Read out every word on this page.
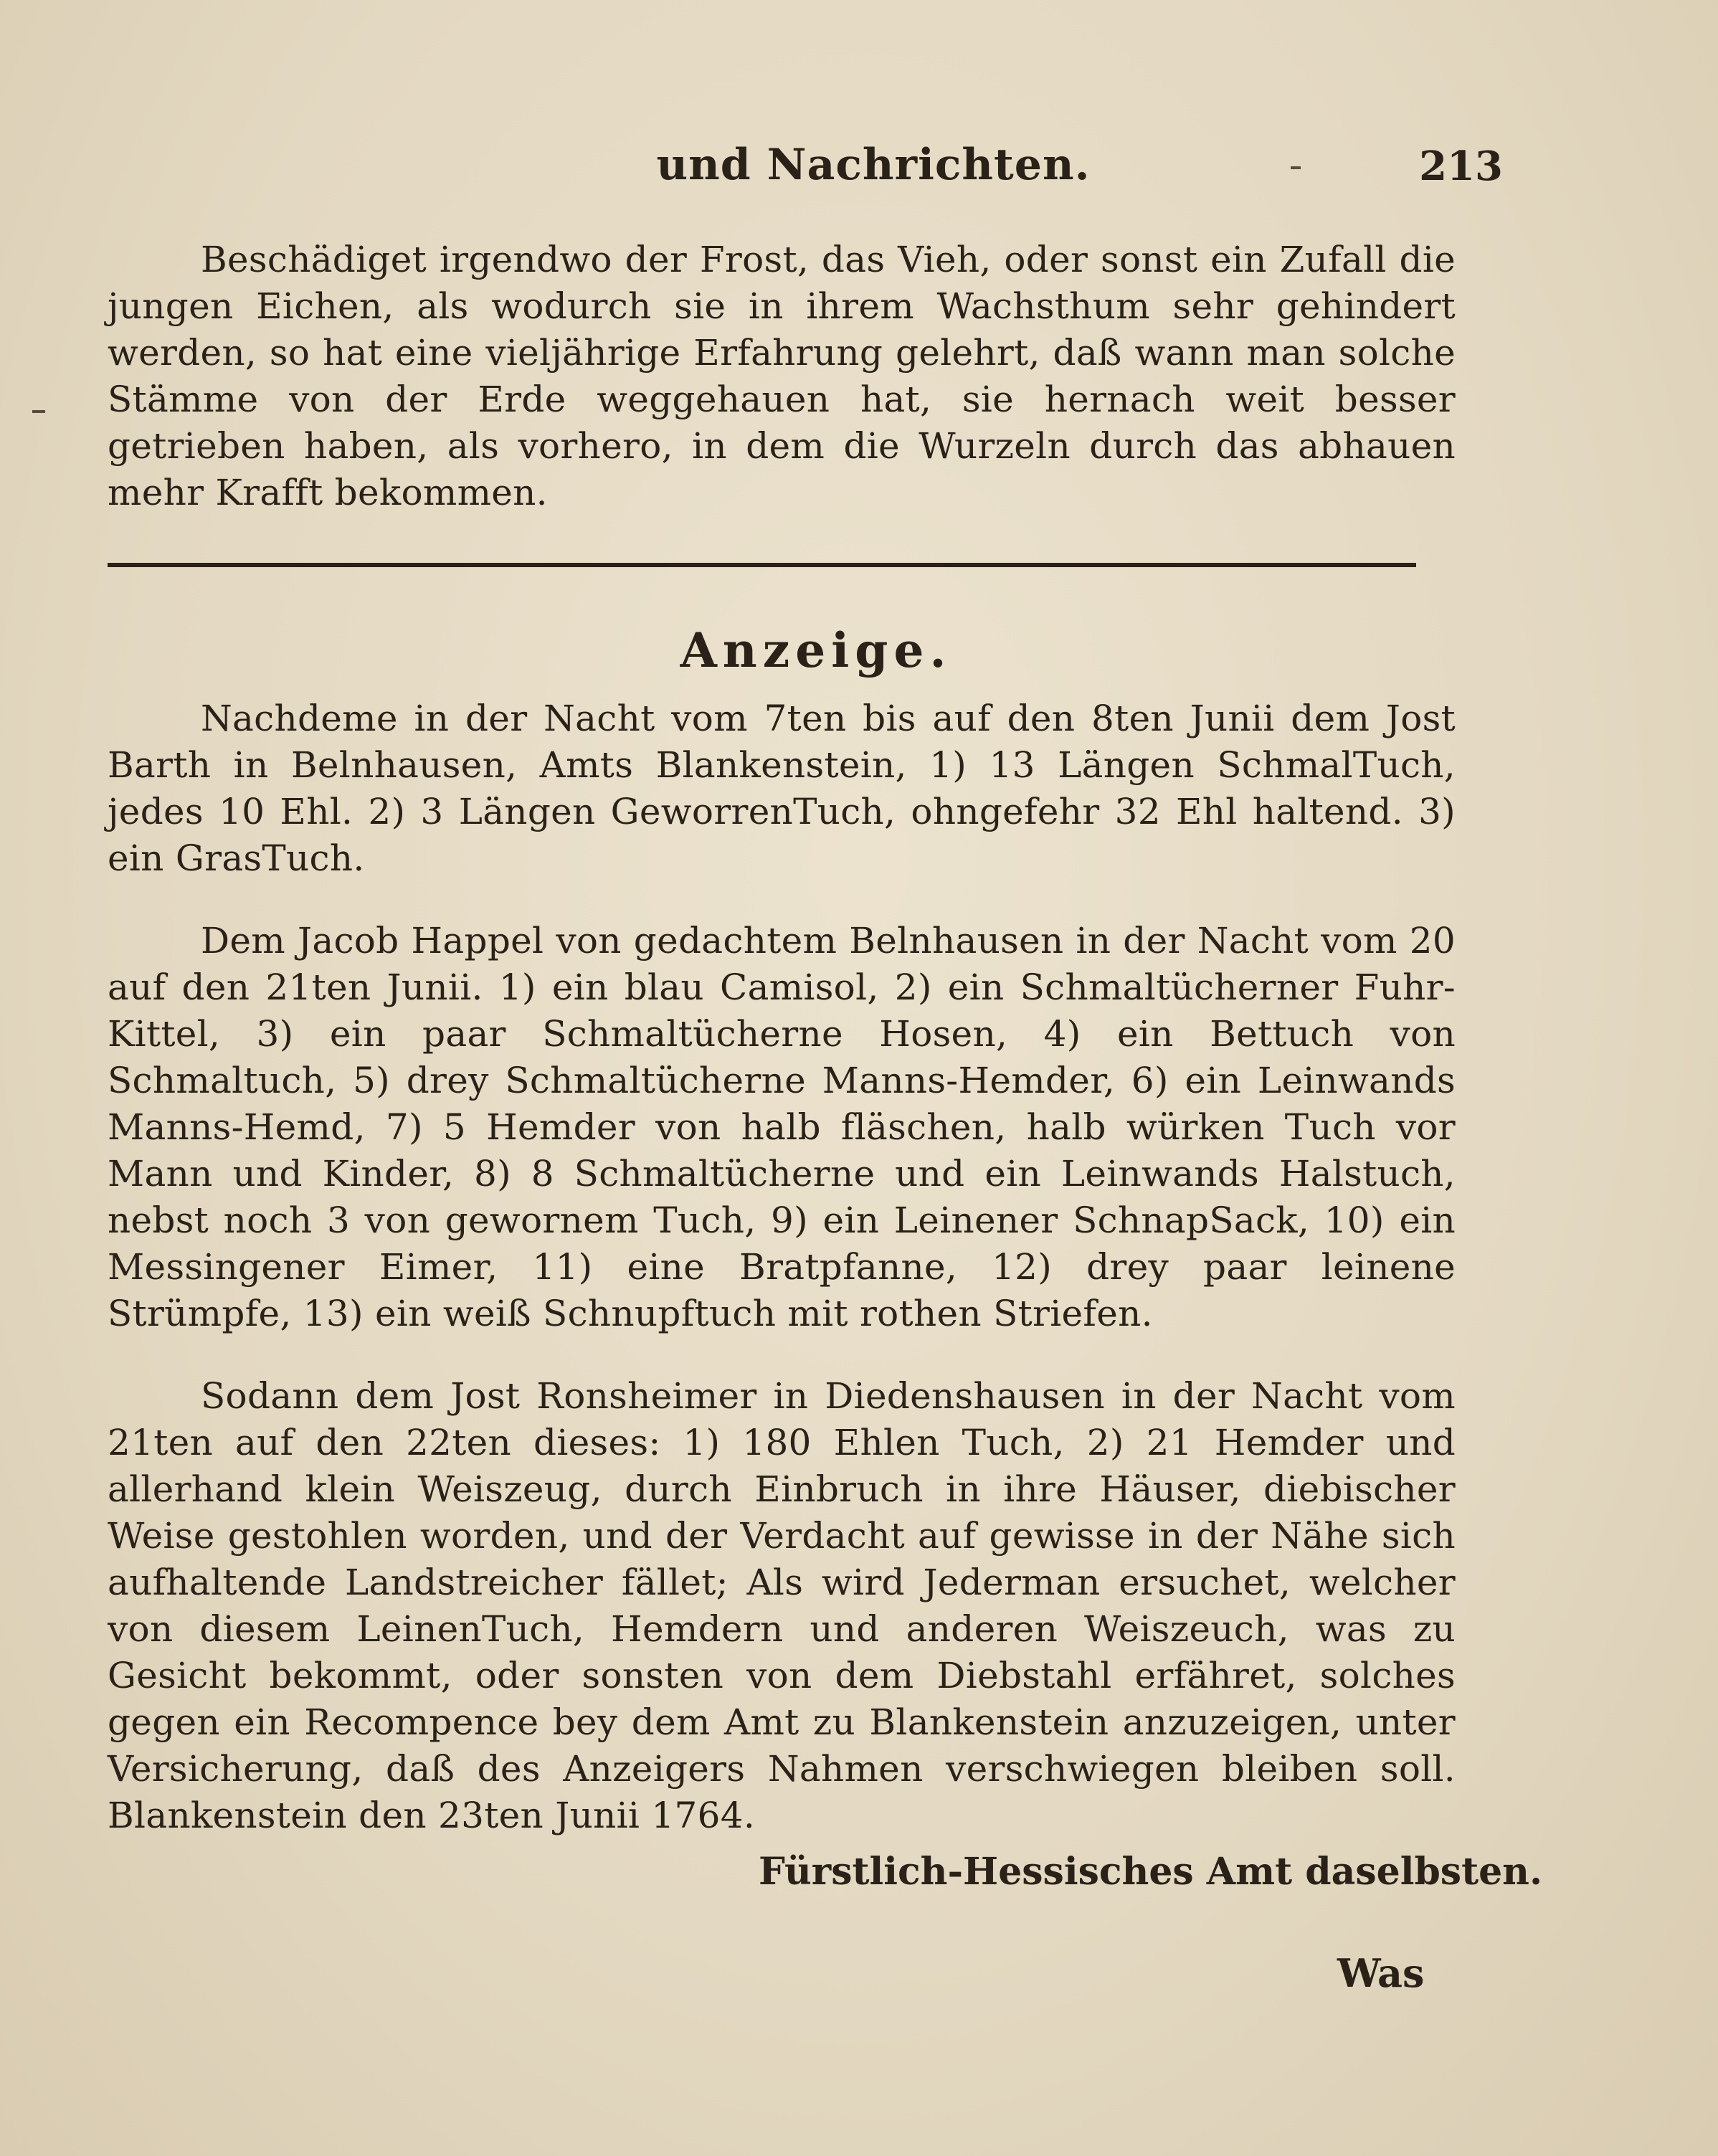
und Nachrichten.	213

Beschädiget irgendwo der Frost, das Vieh, oder sonst ein Zufall die jungen Eichen, als wodurch sie in ihrem Wachsthum sehr gehindert werden, so hat eine vieljährige Erfahrung gelehrt, daß wann man solche Stämme von der Erde weggehauen hat, sie hernach weit besser getrieben haben, als vorhero, in dem die Wurzeln durch das abhauen mehr Krafft bekommen.

Anzeige.

Nachdeme in der Nacht vom 7ten bis auf den 8ten Junii dem Jost Barth in Belnhausen, Amts Blankenstein, 1) 13 Längen SchmalTuch, jedes 10 Ehl. 2) 3 Längen GeworrenTuch, ohngefehr 32 Ehl haltend. 3) ein GrasTuch.

Dem Jacob Happel von gedachtem Belnhausen in der Nacht vom 20 auf den 21ten Junii. 1) ein blau Camisol, 2) ein Schmaltücherner Fuhr-Kittel, 3) ein paar Schmaltücherne Hosen, 4) ein Bettuch von Schmaltuch, 5) drey Schmaltücherne Manns-Hemder, 6) ein Leinwands Manns-Hemd, 7) 5 Hemder von halb fläschen, halb würken Tuch vor Mann und Kinder, 8) 8 Schmaltücherne und ein Leinwands Halstuch, nebst noch 3 von gewornem Tuch, 9) ein Leinener SchnapSack, 10) ein Messingener Eimer, 11) eine Bratpfanne, 12) drey paar leinene Strümpfe, 13) ein weiß Schnupftuch mit rothen Striefen.

Sodann dem Jost Ronsheimer in Diedenshausen in der Nacht vom 21ten auf den 22ten dieses: 1) 180 Ehlen Tuch, 2) 21 Hemder und allerhand klein Weiszeug, durch Einbruch in ihre Häuser, diebischer Weise gestohlen worden, und der Verdacht auf gewisse in der Nähe sich aufhaltende Landstreicher fället; Als wird Jederman ersuchet, welcher von diesem LeinenTuch, Hemdern und anderen Weiszeuch, was zu Gesicht bekommt, oder sonsten von dem Diebstahl erfähret, solches gegen ein Recompence bey dem Amt zu Blankenstein anzuzeigen, unter Versicherung, daß des Anzeigers Nahmen verschwiegen bleiben soll. Blankenstein den 23ten Junii 1764.

Fürstlich-Hessisches Amt daselbsten.
Was
